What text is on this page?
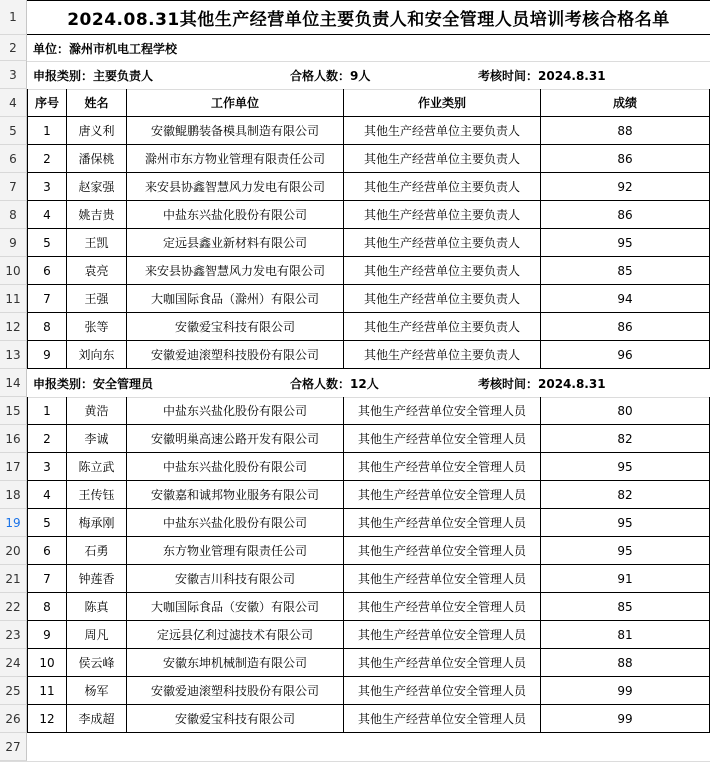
1	2024.08.31其他生产经营单位主要负责人和安全管理人员培训考核合格名单
2	单位：滁州市机电工程学校
3	申报类别：主要负责人	合格人数：9人	考核时间：2024.8.31
4	序号	姓名	工作单位	作业类别	成绩
5	1	唐义利	安徽鲲鹏装备模具制造有限公司	其他生产经营单位主要负责人	88
6	2	潘保桃	滁州市东方物业管理有限责任公司	其他生产经营单位主要负责人	86
7	3	赵家强	来安县协鑫智慧风力发电有限公司	其他生产经营单位主要负责人	92
8	4	姚吉贵	中盐东兴盐化股份有限公司	其他生产经营单位主要负责人	86
9	5	王凯	定远县鑫业新材料有限公司	其他生产经营单位主要负责人	95
10	6	袁亮	来安县协鑫智慧风力发电有限公司	其他生产经营单位主要负责人	85
11	7	王强	大咖国际食品（滁州）有限公司	其他生产经营单位主要负责人	94
12	8	张等	安徽爱宝科技有限公司	其他生产经营单位主要负责人	86
13	9	刘向东	安徽爱迪滚塑科技股份有限公司	其他生产经营单位主要负责人	96
14	申报类别：安全管理员	合格人数：12人	考核时间：2024.8.31
15	1	黄浩	中盐东兴盐化股份有限公司	其他生产经营单位安全管理人员	80
16	2	李诚	安徽明巢高速公路开发有限公司	其他生产经营单位安全管理人员	82
17	3	陈立武	中盐东兴盐化股份有限公司	其他生产经营单位安全管理人员	95
18	4	王传钰	安徽嘉和诚邦物业服务有限公司	其他生产经营单位安全管理人员	82
19	5	梅承刚	中盐东兴盐化股份有限公司	其他生产经营单位安全管理人员	95
20	6	石勇	东方物业管理有限责任公司	其他生产经营单位安全管理人员	95
21	7	钟莲香	安徽吉川科技有限公司	其他生产经营单位安全管理人员	91
22	8	陈真	大咖国际食品（安徽）有限公司	其他生产经营单位安全管理人员	85
23	9	周凡	定远县亿利过滤技术有限公司	其他生产经营单位安全管理人员	81
24	10	侯云峰	安徽东坤机械制造有限公司	其他生产经营单位安全管理人员	88
25	11	杨军	安徽爱迪滚塑科技股份有限公司	其他生产经营单位安全管理人员	99
26	12	李成超	安徽爱宝科技有限公司	其他生产经营单位安全管理人员	99
27
